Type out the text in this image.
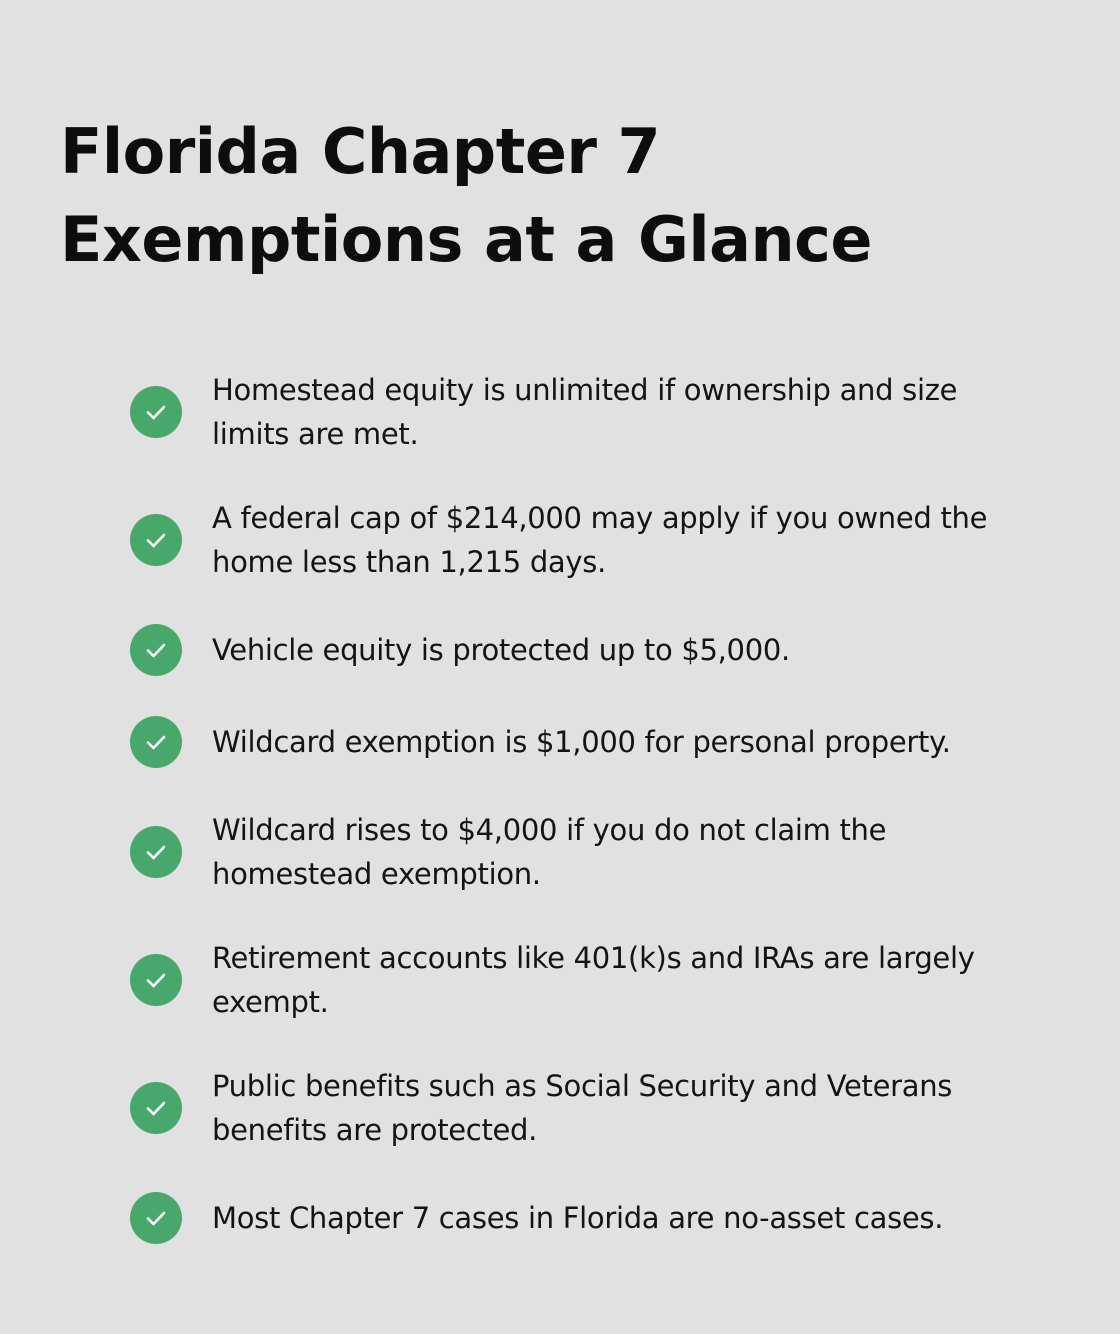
Florida Chapter 7 Exemptions at a Glance

Homestead equity is unlimited if ownership and size limits are met.

A federal cap of $214,000 may apply if you owned the home less than 1,215 days.

Vehicle equity is protected up to $5,000.

Wildcard exemption is $1,000 for personal property.

Wildcard rises to $4,000 if you do not claim the homestead exemption.

Retirement accounts like 401(k)s and IRAs are largely exempt.

Public benefits such as Social Security and Veterans benefits are protected.

Most Chapter 7 cases in Florida are no-asset cases.
